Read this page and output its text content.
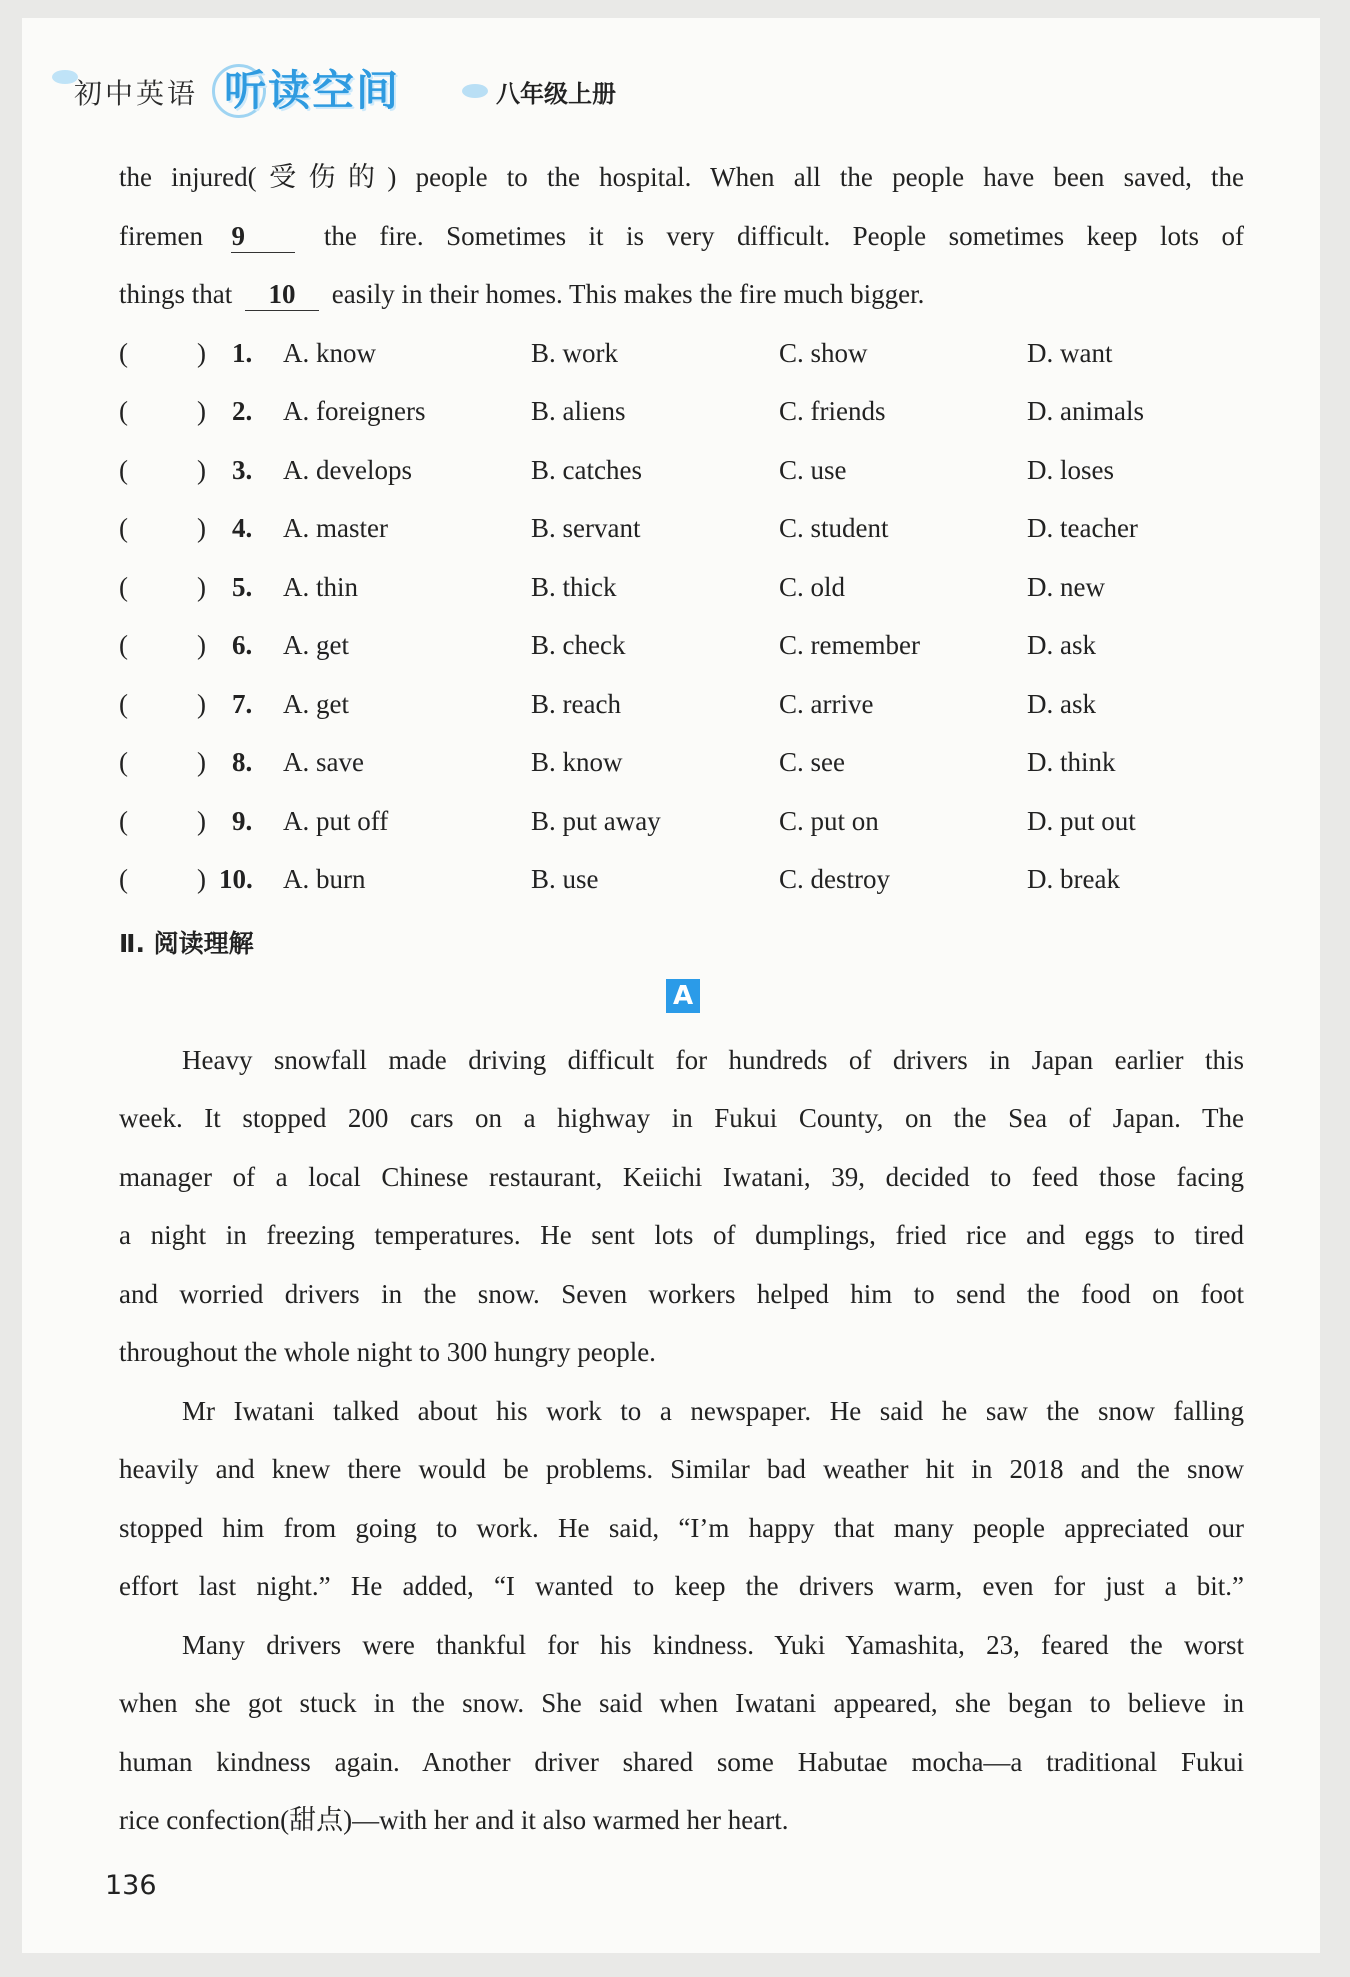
初中英语 听读空间	八年级上册
the injured(受伤的) people to the hospital. When all the people have been saved, the
firemen 9	the fire. Sometimes it is very difficult. People sometimes keep lots of
things that 10 easily in their homes. This makes the fire much bigger.
(	) 1. A. know	B. work	C. show	D. want
(	) 2. A. foreigners	B. aliens	C. friends	D. animals
(	) 3. A. develops	B. catches	C. use	D. loses
(	) 4. A. master	B. servant	C. student	D. teacher
(	) 5. A. thin	B. thick	C. old	D. new
(	) 6. A. get	B. check	C. remember	D. ask
(	) 7. A. get	B. reach	C. arrive	D. ask
(	) 8. A. save	B. know	C. see	D. think
(	) 9. A. put off	B. put away	C. put on	D. put out
(	) 10. A. burn	B. use	C. destroy	D. break
Ⅱ. 阅读理解
A
Heavy snowfall made driving difficult for hundreds of drivers in Japan earlier this
week. It stopped 200 cars on a highway in Fukui County, on the Sea of Japan. The
manager of a local Chinese restaurant, Keiichi Iwatani, 39, decided to feed those facing
a night in freezing temperatures. He sent lots of dumplings, fried rice and eggs to tired
and worried drivers in the snow. Seven workers helped him to send the food on foot
throughout the whole night to 300 hungry people.
Mr Iwatani talked about his work to a newspaper. He said he saw the snow falling
heavily and knew there would be problems. Similar bad weather hit in 2018 and the snow
stopped him from going to work. He said, “I’m happy that many people appreciated our
effort last night.” He added, “I wanted to keep the drivers warm, even for just a bit.”
Many drivers were thankful for his kindness. Yuki Yamashita, 23, feared the worst
when she got stuck in the snow. She said when Iwatani appeared, she began to believe in
human kindness again. Another driver shared some Habutae mocha—a traditional Fukui
rice confection(甜点)—with her and it also warmed her heart.
136
